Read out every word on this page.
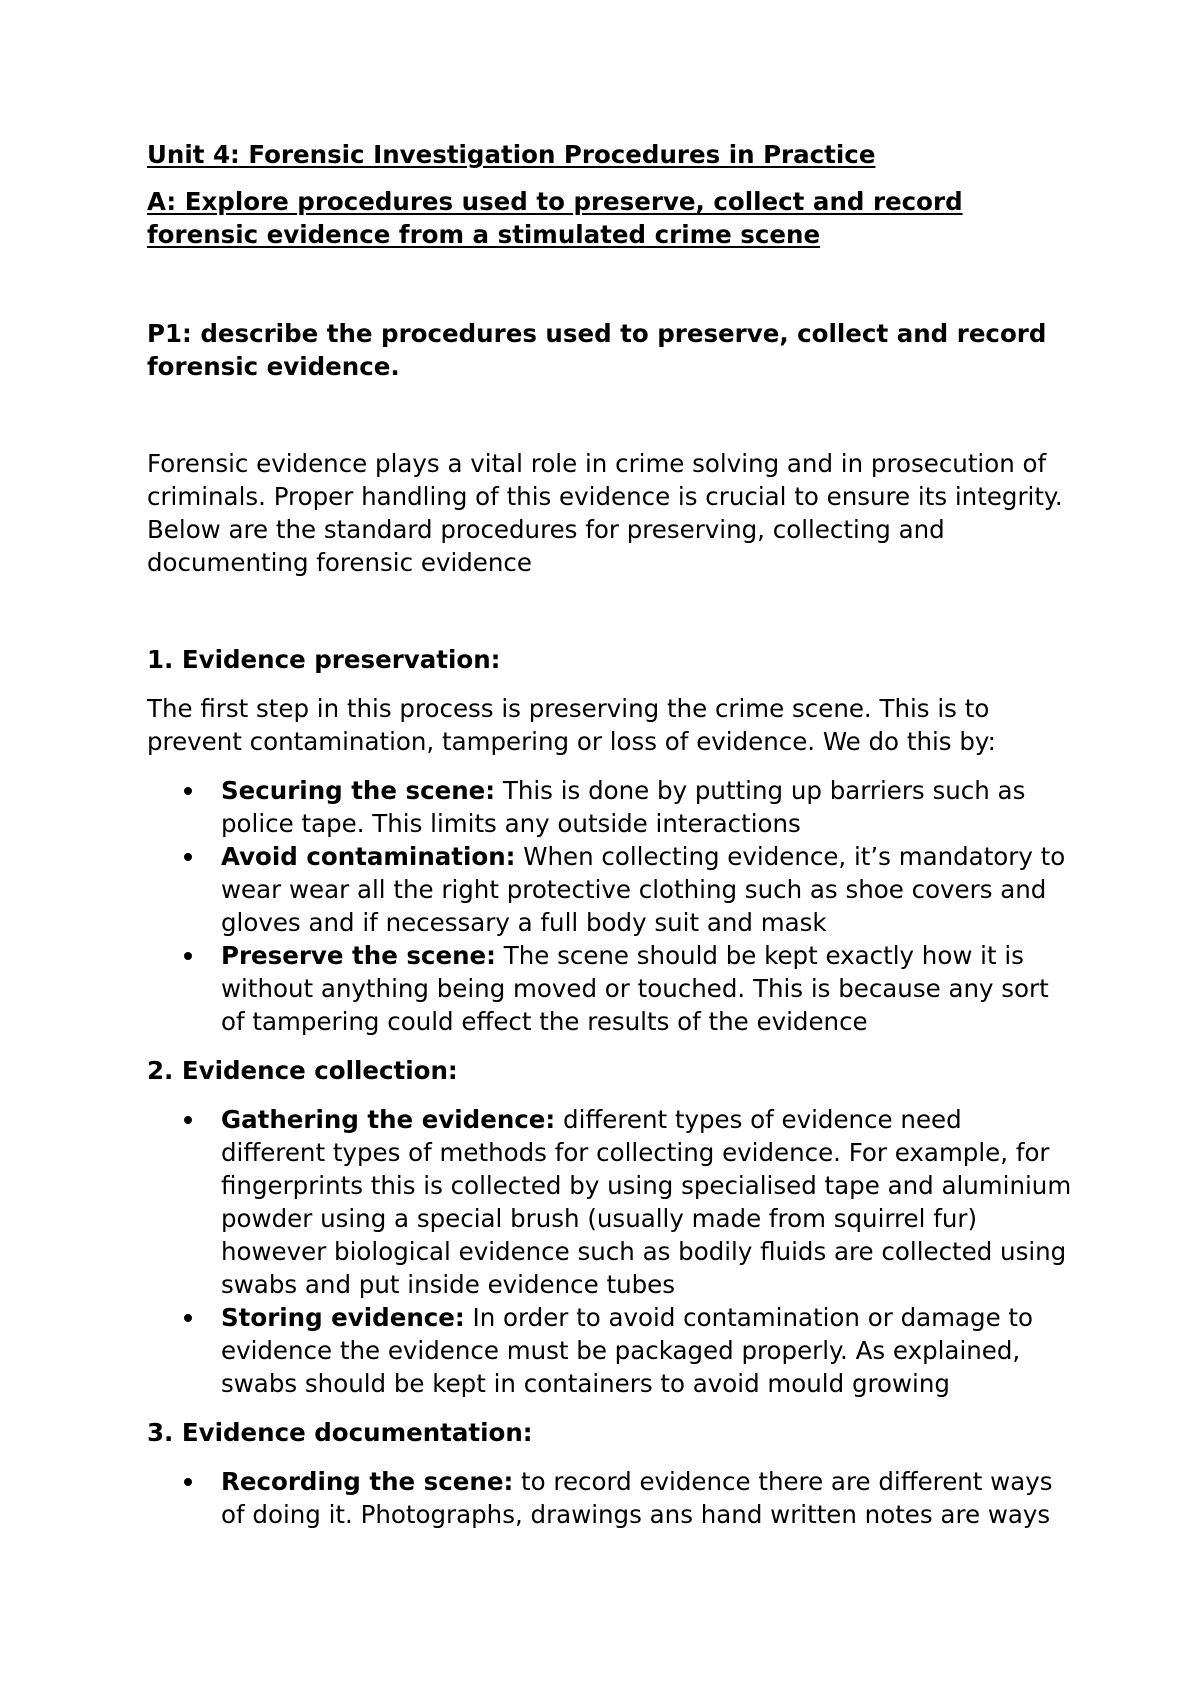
Unit 4: Forensic Investigation Procedures in Practice

A: Explore procedures used to preserve, collect and record forensic evidence from a stimulated crime scene

P1: describe the procedures used to preserve, collect and record forensic evidence.

Forensic evidence plays a vital role in crime solving and in prosecution of criminals. Proper handling of this evidence is crucial to ensure its integrity. Below are the standard procedures for preserving, collecting and documenting forensic evidence

1. Evidence preservation:

The first step in this process is preserving the crime scene. This is to prevent contamination, tampering or loss of evidence. We do this by:

Securing the scene: This is done by putting up barriers such as police tape. This limits any outside interactions
Avoid contamination: When collecting evidence, it’s mandatory to wear wear all the right protective clothing such as shoe covers and gloves and if necessary a full body suit and mask
Preserve the scene: The scene should be kept exactly how it is without anything being moved or touched. This is because any sort of tampering could effect the results of the evidence

2. Evidence collection:

Gathering the evidence: different types of evidence need different types of methods for collecting evidence. For example, for fingerprints this is collected by using specialised tape and aluminium powder using a special brush (usually made from squirrel fur) however biological evidence such as bodily fluids are collected using swabs and put inside evidence tubes
Storing evidence: In order to avoid contamination or damage to evidence the evidence must be packaged properly. As explained, swabs should be kept in containers to avoid mould growing

3. Evidence documentation:

Recording the scene: to record evidence there are different ways of doing it. Photographs, drawings ans hand written notes are ways
